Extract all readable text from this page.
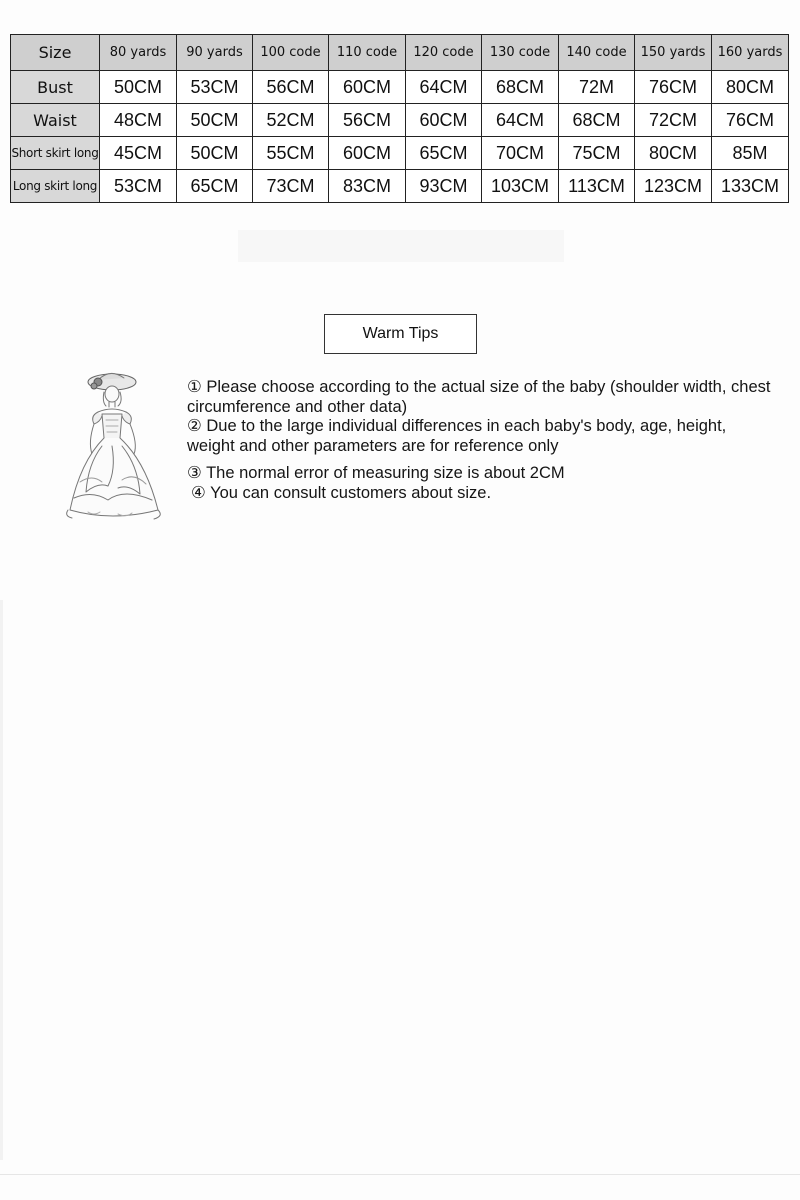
Size	80 yards	90 yards	100 code	110 code	120 code	130 code	140 code	150 yards	160 yards
Bust	50CM	53CM	56CM	60CM	64CM	68CM	72M	76CM	80CM
Waist	48CM	50CM	52CM	56CM	60CM	64CM	68CM	72CM	76CM
Short skirt long	45CM	50CM	55CM	60CM	65CM	70CM	75CM	80CM	85M
Long skirt long	53CM	65CM	73CM	83CM	93CM	103CM	113CM	123CM	133CM
Warm Tips

① Please choose according to the actual size of the baby (shoulder width, chest circumference and other data)

② Due to the large individual differences in each baby's body, age, height, weight and other parameters are for reference only

③ The normal error of measuring size is about 2CM

④ You can consult customers about size.
